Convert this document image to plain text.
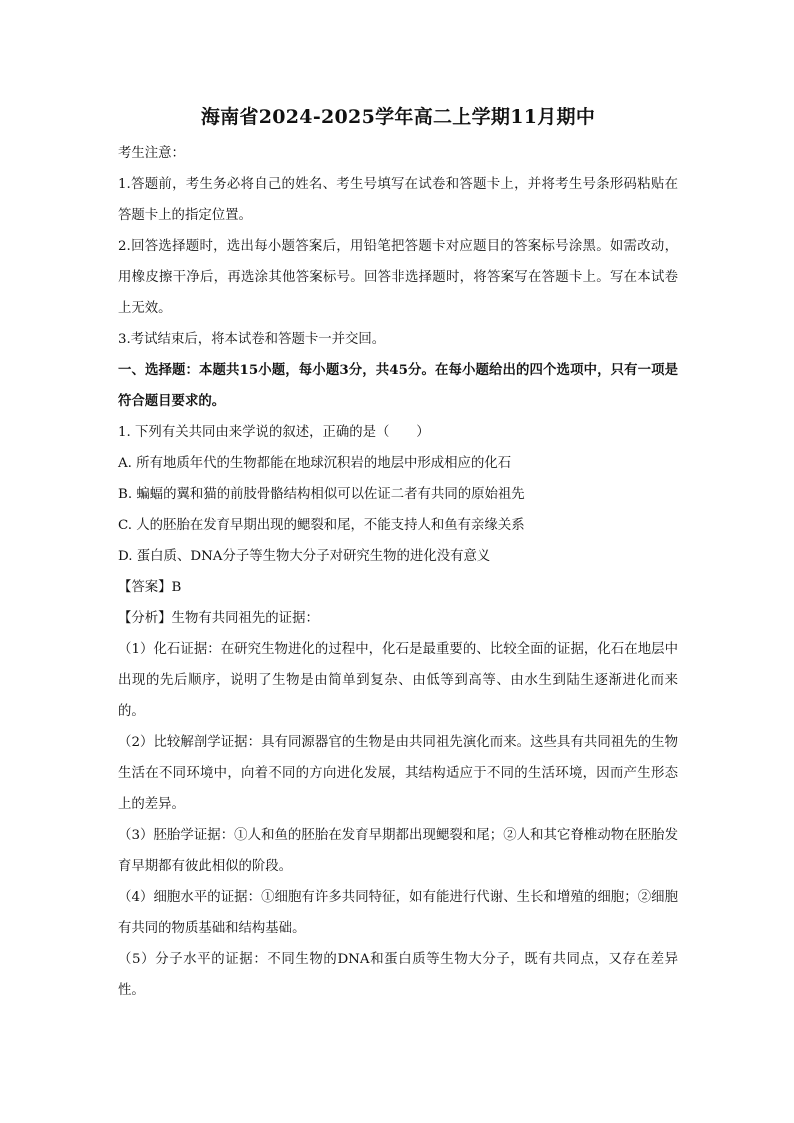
海南省2024-2025学年高二上学期11月期中

考生注意：

1.答题前，考生务必将自己的姓名、考生号填写在试卷和答题卡上，并将考生号条形码粘贴在答题卡上的指定位置。

2.回答选择题时，选出每小题答案后，用铅笔把答题卡对应题目的答案标号涂黑。如需改动，用橡皮擦干净后，再选涂其他答案标号。回答非选择题时，将答案写在答题卡上。写在本试卷上无效。

3.考试结束后，将本试卷和答题卡一并交回。

一、选择题：本题共15小题，每小题3分，共45分。在每小题给出的四个选项中，只有一项是符合题目要求的。

1. 下列有关共同由来学说的叙述，正确的是（　　）

A. 所有地质年代的生物都能在地球沉积岩的地层中形成相应的化石

B. 蝙蝠的翼和猫的前肢骨骼结构相似可以佐证二者有共同的原始祖先

C. 人的胚胎在发育早期出现的鳃裂和尾，不能支持人和鱼有亲缘关系

D. 蛋白质、DNA分子等生物大分子对研究生物的进化没有意义

【答案】B

【分析】生物有共同祖先的证据：

（1）化石证据：在研究生物进化的过程中，化石是最重要的、比较全面的证据，化石在地层中出现的先后顺序，说明了生物是由简单到复杂、由低等到高等、由水生到陆生逐渐进化而来的。

（2）比较解剖学证据：具有同源器官的生物是由共同祖先演化而来。这些具有共同祖先的生物生活在不同环境中，向着不同的方向进化发展，其结构适应于不同的生活环境，因而产生形态上的差异。

（3）胚胎学证据：①人和鱼的胚胎在发育早期都出现鳃裂和尾；②人和其它脊椎动物在胚胎发育早期都有彼此相似的阶段。

（4）细胞水平的证据：①细胞有许多共同特征，如有能进行代谢、生长和增殖的细胞；②细胞有共同的物质基础和结构基础。

（5）分子水平的证据：不同生物的DNA和蛋白质等生物大分子，既有共同点，又存在差异性。
